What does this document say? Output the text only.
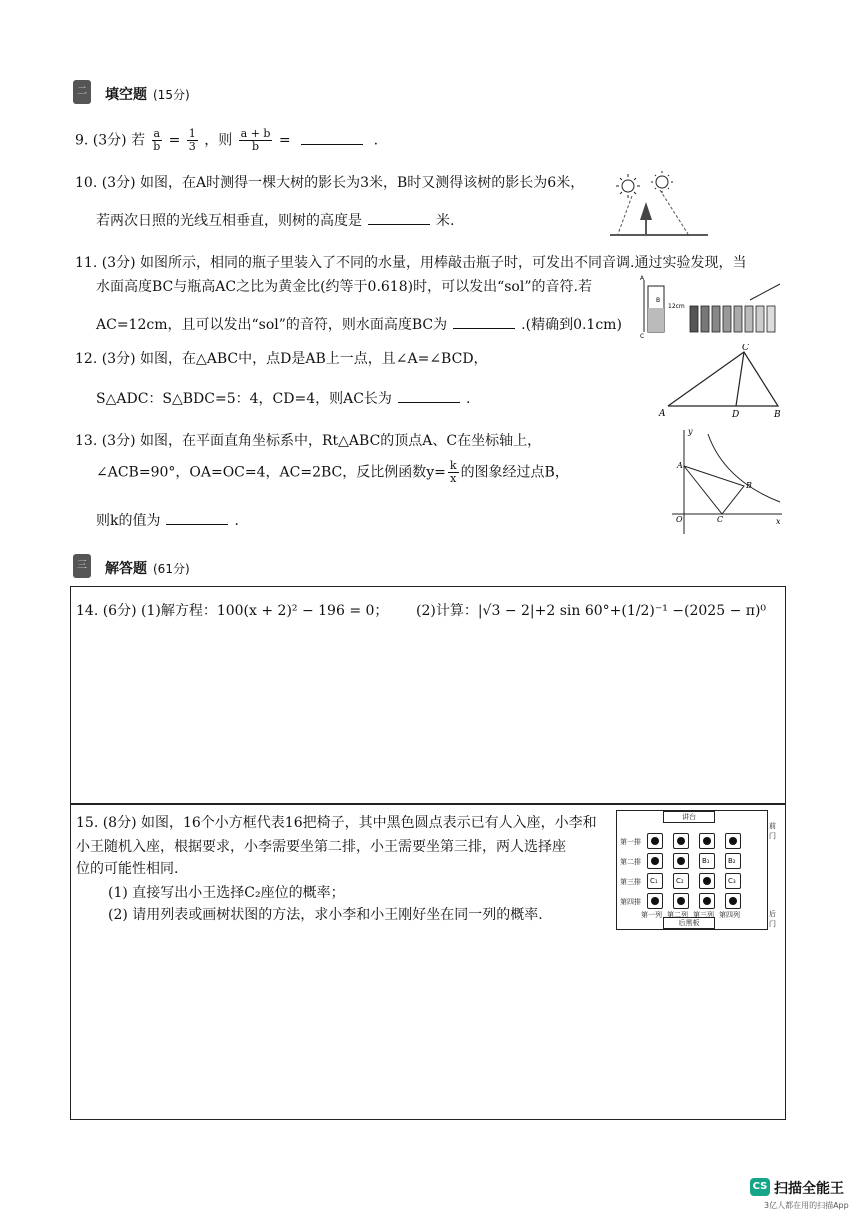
二 填空题 (15分)
9. (3分) 若 $\frac{a}{b} = \frac{1}{3}$ ，则 $\frac{a + b}{b}$ =	.
10. (3分) 如图，在A时测得一棵大树的影长为3米，B时又测得该树的影长为6米，
若两次日照的光线互相垂直，则树的高度是	米.
11. (3分) 如图所示，相同的瓶子里装入了不同的水量，用棒敲击瓶子时，可发出不同音调.通过实验发现，当
水面高度BC与瓶高AC之比为黄金比(约等于0.618)时，可以发出“sol”的音符.若
AC=12cm，且可以发出“sol”的音符，则水面高度BC为	.(精确到0.1cm)
A
C
B
12cm
12. (3分) 如图，在△ABC中，点D是AB上一点，且∠A=∠BCD，
S△ADC：S△BDC=5：4，CD=4，则AC长为	.
A
C
D	B
13. (3分) 如图，在平面直角坐标系中，Rt△ABC的顶点A、C在坐标轴上，
∠ACB=90°，OA=OC=4，AC=2BC，反比例函数$y= \frac{k}{x}$ 的图象经过点B，
则k的值为	.
y
x
O
A
C
B
三 解答题 (61分)
14. (6分) (1)解方程：100(x + 2)² − 196 = 0； (2)计算：|√3 − 2|+2 sin 60°+(1/2)⁻¹ −(2025 − π)⁰
15. (8分) 如图，16个小方框代表16把椅子，其中黑色圆点表示已有人入座，小李和
小王随机入座，根据要求，小李需要坐第二排，小王需要坐第三排，两人选择座
位的可能性相同.
(1) 直接写出小王选择C₂座位的概率；
(2) 请用列表或画树状图的方法，求小李和小王刚好坐在同一列的概率.
讲台
后黑板
前门
后门
第一排
第二排
第三排
第四排
第一列 第二列 第三列 第四列
B₁	B₂
C₁	C₂	C₃
CS 扫描全能王
3亿人都在用的扫描App
